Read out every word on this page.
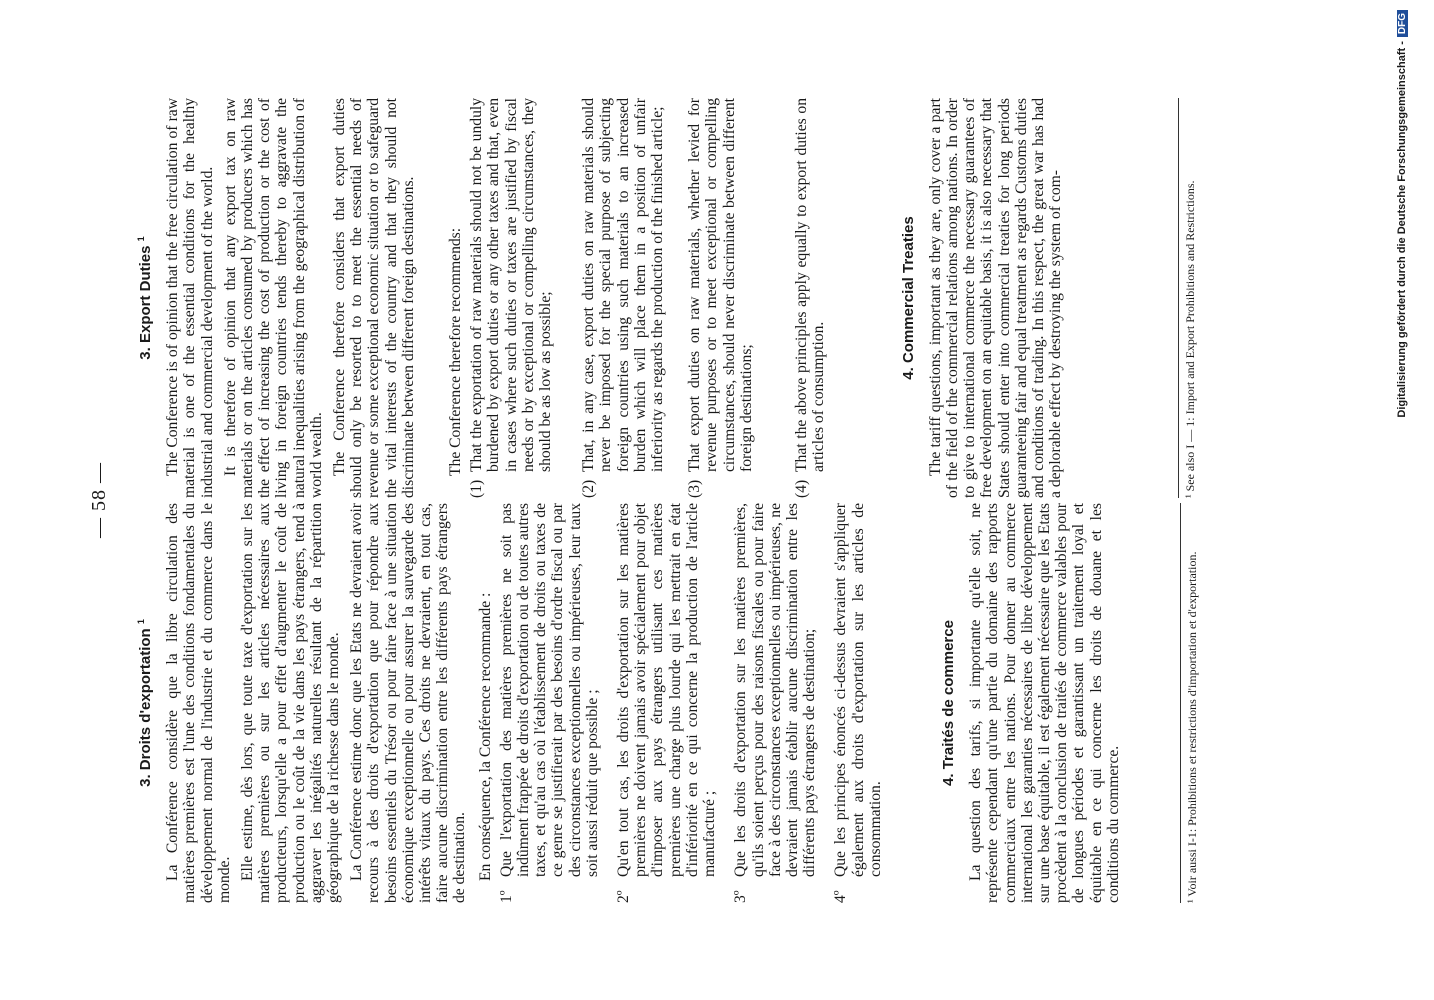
— 58 —
3. Droits d'exportation $^1$	La Conférence considère que la libre circulation des matières premières est l'une des conditions fondamentales du développement normal de l'industrie et du commerce dans le monde. Elle estime, dès lors, que toute taxe d'exportation sur les matières premières ou sur les articles nécessaires aux producteurs, lorsqu'elle a pour effet d'augmenter le coût de production ou le coût de la vie dans les pays étrangers, tend à aggraver les inégalités naturelles résultant de la répartition géographique de la richesse dans le monde. La Conférence estime donc que les Etats ne devraient avoir recours à des droits d'exportation que pour répondre aux besoins essentiels du Trésor ou pour faire face à une situation économique exceptionnelle ou pour assurer la sauvegarde des intérêts vitaux du pays. Ces droits ne devraient, en tout cas, faire aucune discrimination entre les différents pays étrangers de destination. En conséquence, la Conférence recommande :

1º
Que l'exportation des matières premières ne soit pas indûment frappée de droits d'exportation ou de toutes autres taxes, et qu'au cas où l'établissement de droits ou taxes de ce genre se justifierait par des besoins d'ordre fiscal ou par des circonstances exceptionnelles ou impérieuses, leur taux soit aussi réduit que possible ;
2º
Qu'en tout cas, les droits d'exportation sur les matières premières ne doivent jamais avoir spécialement pour objet d'imposer aux pays étrangers utilisant ces matières premières une charge plus lourde qui les mettrait en état d'infériorité en ce qui concerne la production de l'article manufacturé ;
3º
Que les droits d'exportation sur les matières premières, qu'ils soient perçus pour des raisons fiscales ou pour faire face à des circonstances exceptionnelles ou impérieuses, ne devraient jamais établir aucune discrimination entre les différents pays étrangers de destination;
4º
Que les principes énoncés ci-dessus devraient s'appliquer également aux droits d'exportation sur les articles de consommation.
4. Traités de commerce La question des tarifs, si importante qu'elle soit, ne représente cependant qu'une partie du domaine des rapports commerciaux entre les nations. Pour donner au commerce international les garanties nécessaires de libre développement sur une base équitable, il est également nécessaire que les Etats procèdent à la conclusion de traités de commerce valables pour de longues périodes et garantissant un traitement loyal et équitable en ce qui concerne les droits de douane et les conditions du commerce.	¹ Voir aussi I-1: Prohibitions et restrictions d'importation et d'exportation.
3. Export Duties $^1$	The Conference is of opinion that the free circulation of raw material is one of the essential conditions for the healthy industrial and commercial development of the world. It is therefore of opinion that any export tax on raw materials or on the articles consumed by producers which has the effect of increasing the cost of production or the cost of living in foreign countries tends thereby to aggravate the natural inequalities arising from the geographical distribution of world wealth. The Conference therefore considers that export duties should only be resorted to to meet the essential needs of revenue or some exceptional economic situation or to safeguard the vital interests of the country and that they should not discriminate between different foreign destinations. The Conference therefore recommends:

(1)
That the exportation of raw materials should not be unduly burdened by export duties or any other taxes and that, even in cases where such duties or taxes are justified by fiscal needs or by exceptional or compelling circumstances, they should be as low as possible;
(2)
That, in any case, export duties on raw materials should never be imposed for the special purpose of subjecting foreign countries using such materials to an increased burden which will place them in a position of unfair inferiority as regards the production of the finished article;
(3)
That export duties on raw materials, whether levied for revenue purposes or to meet exceptional or compelling circumstances, should never discriminate between different foreign destinations;
(4)
That the above principles apply equally to export duties on articles of consumption.
4. Commercial Treaties The tariff questions, important as they are, only cover a part of the field of the commercial relations among nations. In order to give to international commerce the necessary guarantees of free development on an equitable basis, it is also necessary that States should enter into commercial treaties for long periods guaranteeing fair and equal treatment as regards Customs duties and conditions of trading. In this respect, the great war has had a deplorable effect by destroying the system of com-	¹ See also I — 1: Import and Export Prohibitions and Restrictions.	Digitalisierung gefördert durch die Deutsche Forschungsgemeinschaft -DFG
